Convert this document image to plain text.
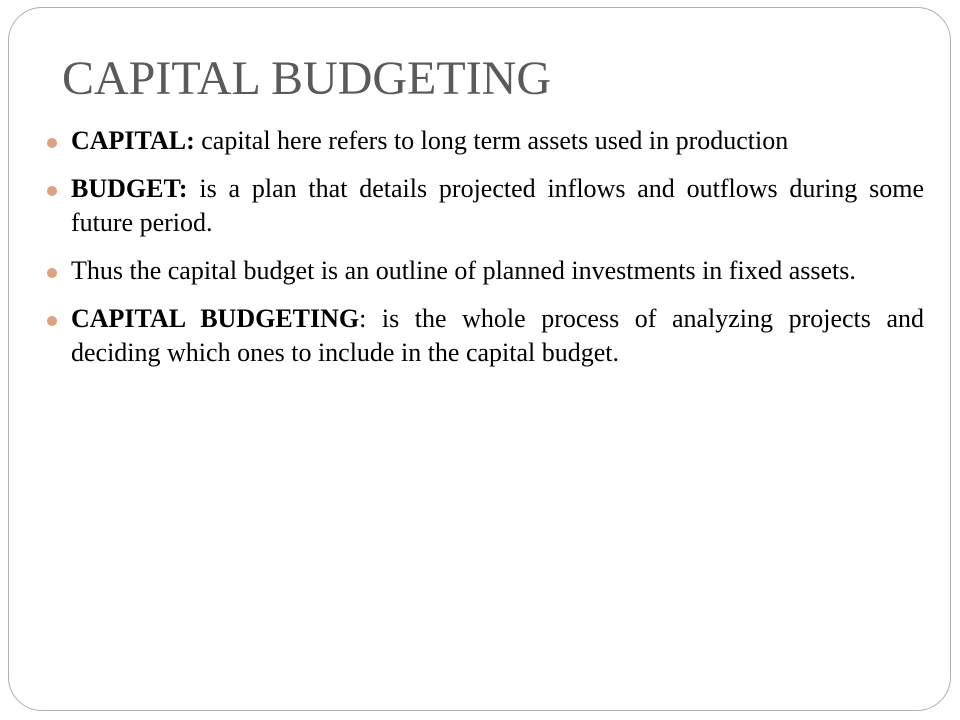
CAPITAL BUDGETING
CAPITAL: capital here refers to long term assets used in production
BUDGET: is a plan that details projected inflows and outflows during some future period.
Thus the capital budget is an outline of planned investments in fixed assets.
CAPITAL BUDGETING: is the whole process of analyzing projects and deciding which ones to include in the capital budget.
